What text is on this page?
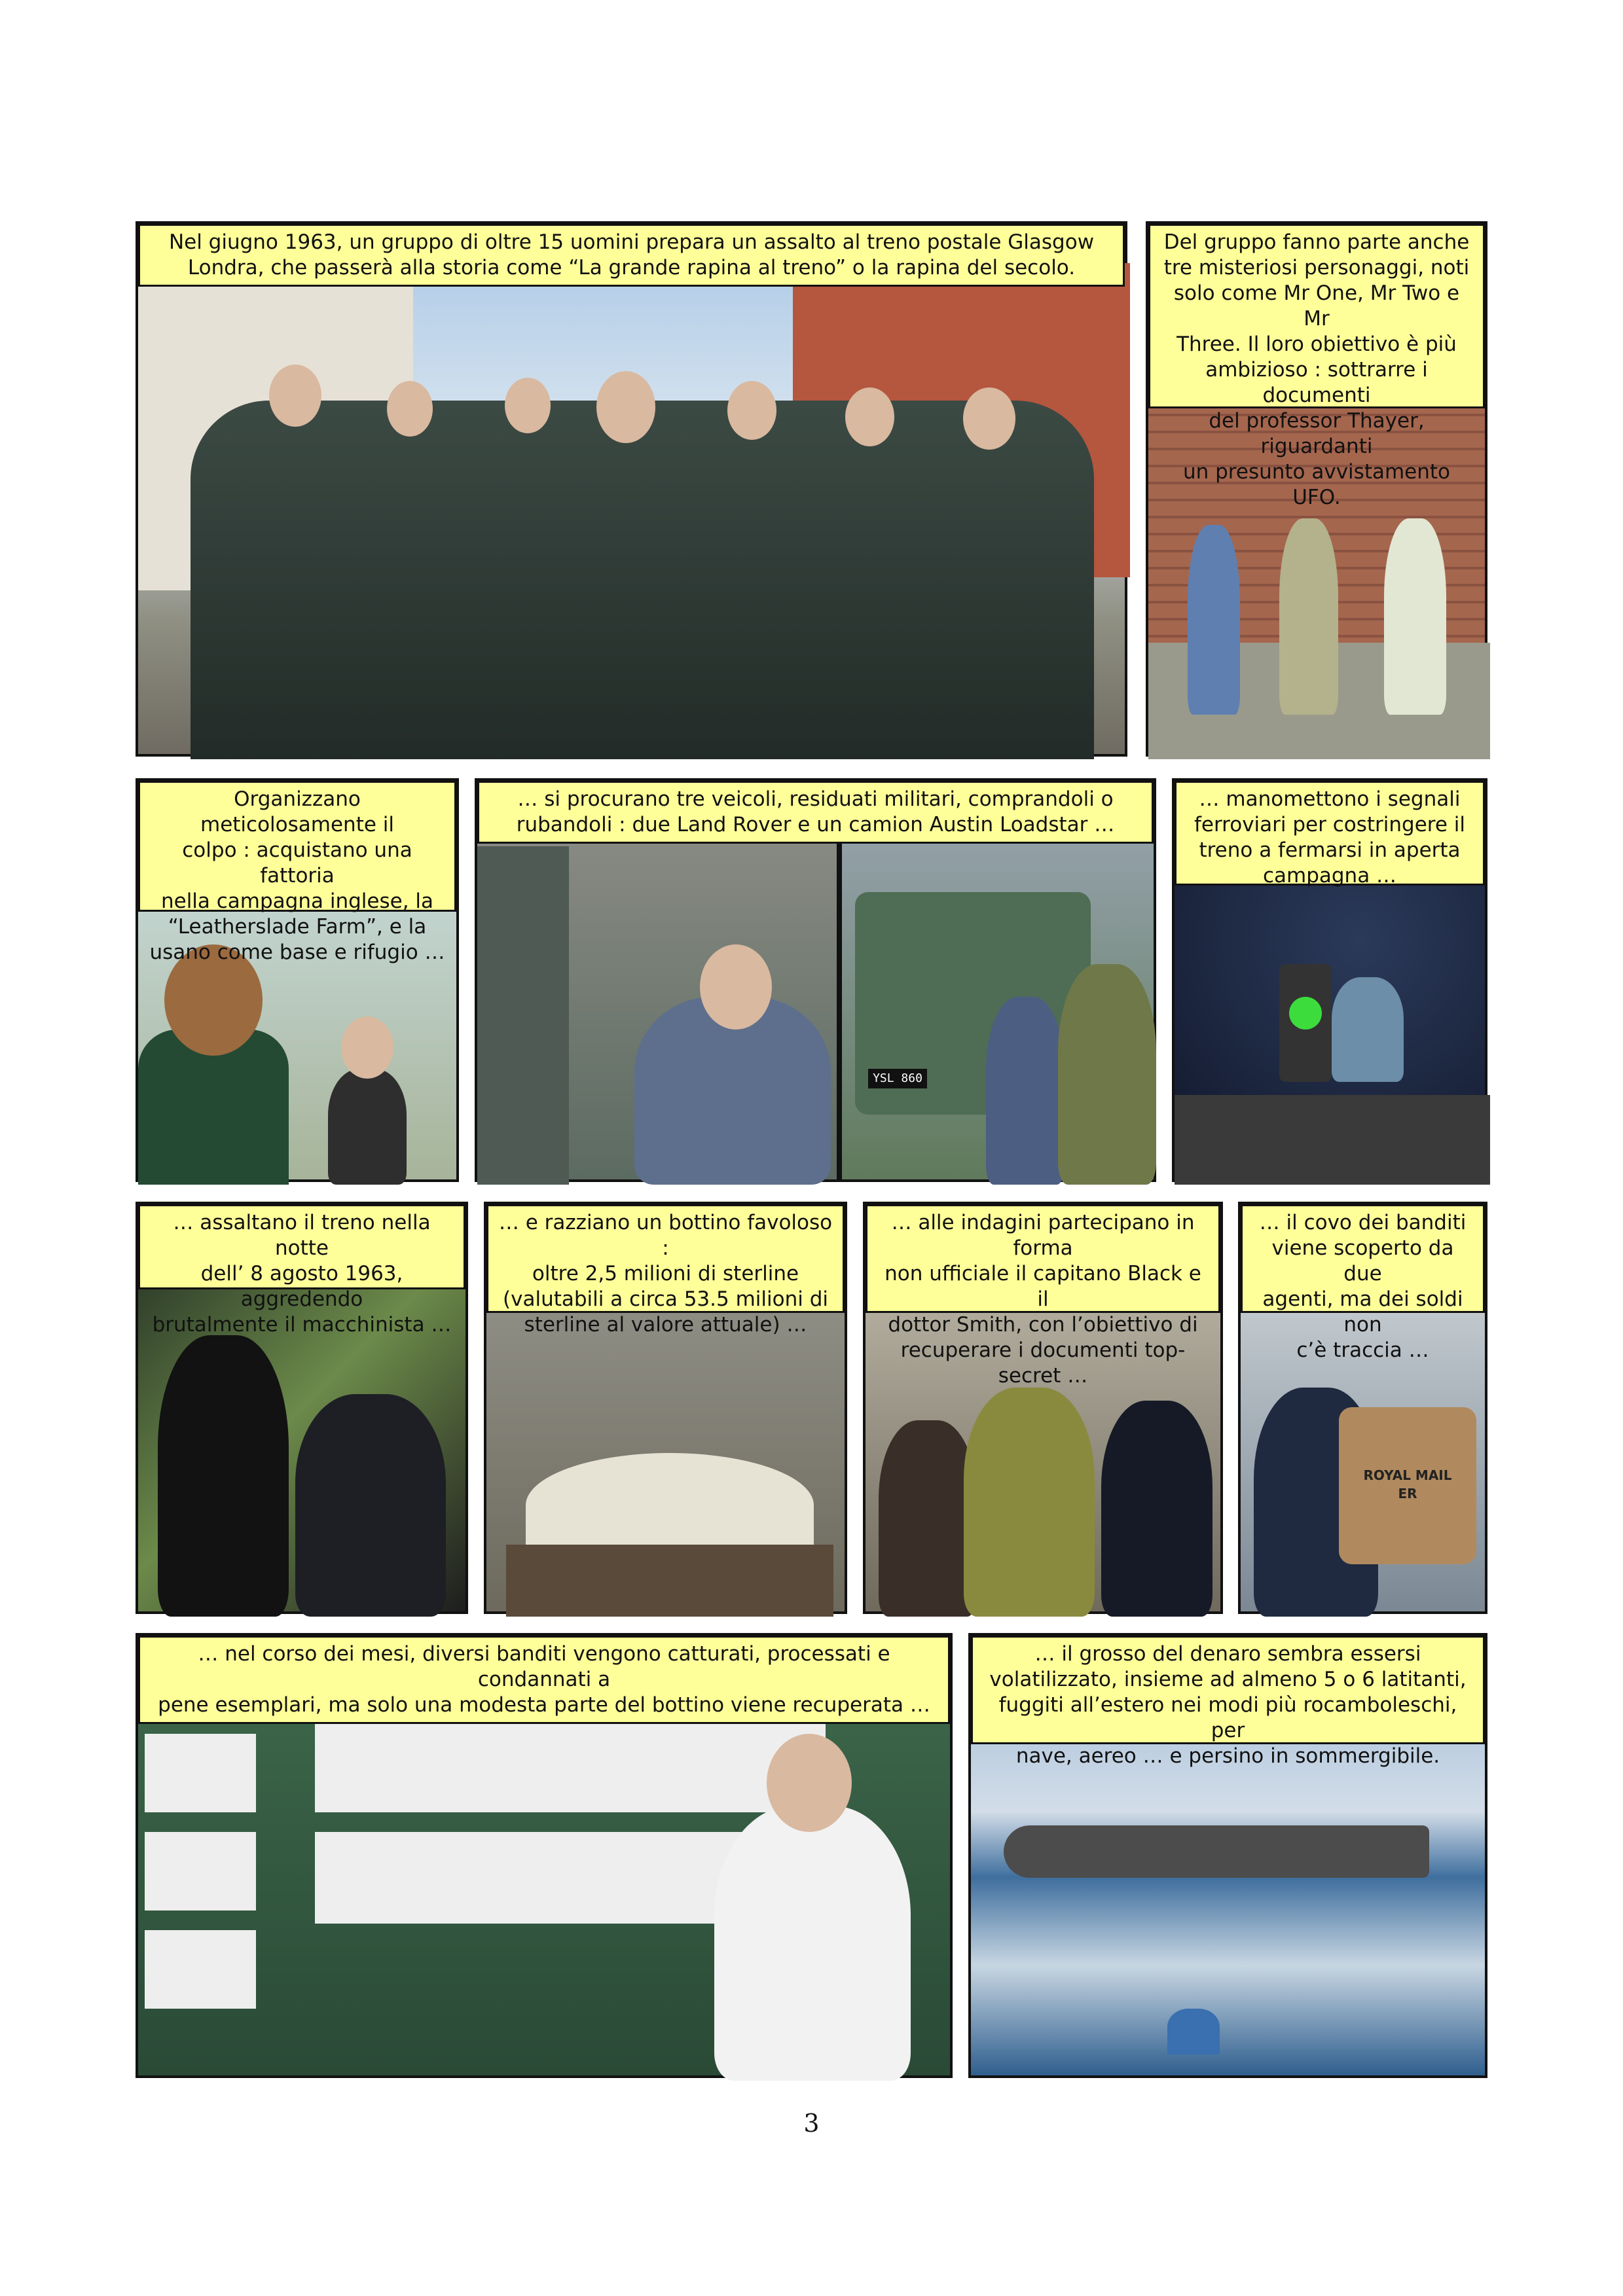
Nel giugno 1963, un gruppo di oltre 15 uomini prepara un assalto al treno postale Glasgow
Londra, che passerà alla storia come “La grande rapina al treno” o la rapina del secolo.
Del gruppo fanno parte anche
tre misteriosi personaggi, noti
solo come Mr One, Mr Two e Mr
Three. Il loro obiettivo è più
ambizioso : sottrarre i documenti
del professor Thayer, riguardanti
un presunto avvistamento UFO.
Organizzano meticolosamente il
colpo : acquistano una fattoria
nella campagna inglese, la
“Leatherslade Farm”, e la
usano come base e rifugio …
… si procurano tre veicoli, residuati militari, comprandoli o
rubandoli : due Land Rover e un camion Austin Loadstar …
YSL 860
… manomettono i segnali
ferroviari per costringere il
treno a fermarsi in aperta
campagna …
… assaltano il treno nella notte
dell’ 8 agosto 1963, aggredendo
brutalmente il macchinista …
… e razziano un bottino favoloso :
oltre 2,5 milioni di sterline
(valutabili a circa 53.5 milioni di
sterline al valore attuale) …
… alle indagini partecipano in forma
non ufficiale il capitano Black e il
dottor Smith, con l’obiettivo di
recuperare i documenti top-secret …
ROYAL MAIL
ER
… il covo dei banditi
viene scoperto da due
agenti, ma dei soldi non
c’è traccia …
… nel corso dei mesi, diversi banditi vengono catturati, processati e condannati a
pene esemplari, ma solo una modesta parte del bottino viene recuperata …
… il grosso del denaro sembra essersi
volatilizzato, insieme ad almeno 5 o 6 latitanti,
fuggiti all’estero nei modi più rocamboleschi, per
nave, aereo … e persino in sommergibile.
3
